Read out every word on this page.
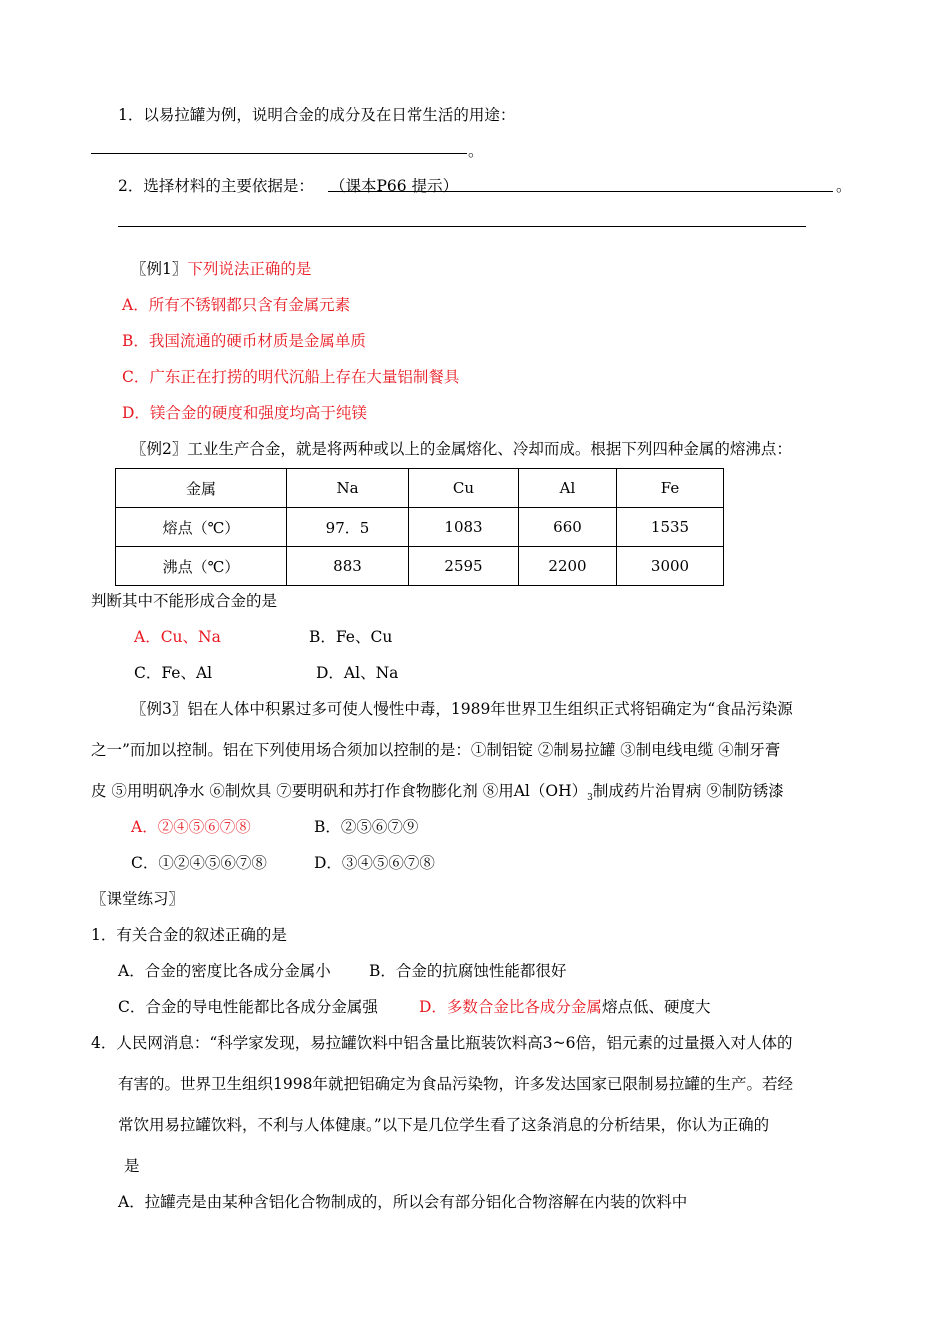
1．以易拉罐为例，说明合金的成分及在日常生活的用途：
。
2．选择材料的主要依据是： （课本P66 提示）	。
〖例1〗下列说法正确的是
A．所有不锈钢都只含有金属元素
B．我国流通的硬币材质是金属单质
C．广东正在打捞的明代沉船上存在大量铝制餐具
D．镁合金的硬度和强度均高于纯镁
〖例2〗工业生产合金，就是将两种或以上的金属熔化、冷却而成。根据下列四种金属的熔沸点：
金属	Na	Cu	Al	Fe
熔点（℃）	97．5	1083	660	1535
沸点（℃）	883	2595	2200	3000
判断其中不能形成合金的是
A．Cu、Na	B．Fe、Cu
C．Fe、Al	D．Al、Na
〖例3〗铝在人体中积累过多可使人慢性中毒，1989年世界卫生组织正式将铝确定为“食品污染源
之一”而加以控制。铝在下列使用场合须加以控制的是：①制铝锭 ②制易拉罐 ③制电线电缆 ④制牙膏
皮 ⑤用明矾净水 ⑥制炊具 ⑦要明矾和苏打作食物膨化剂 ⑧用$Al(OH)_3$制成药片治胃病 ⑨制防锈漆
A．②④⑤⑥⑦⑧	B．②⑤⑥⑦⑨
C．①②④⑤⑥⑦⑧	D．③④⑤⑥⑦⑧
〖课堂练习〗
1．有关合金的叙述正确的是
A．合金的密度比各成分金属小 B．合金的抗腐蚀性能都很好
C．合金的导电性能都比各成分金属强	D．多数合金比各成分金属熔点低、硬度大
4．人民网消息：“科学家发现，易拉罐饮料中铝含量比瓶装饮料高3~6倍，铝元素的过量摄入对人体的
有害的。世界卫生组织1998年就把铝确定为食品污染物，许多发达国家已限制易拉罐的生产。若经
常饮用易拉罐饮料，不利与人体健康。”以下是几位学生看了这条消息的分析结果，你认为正确的
是
A．拉罐壳是由某种含铝化合物制成的，所以会有部分铝化合物溶解在内装的饮料中
